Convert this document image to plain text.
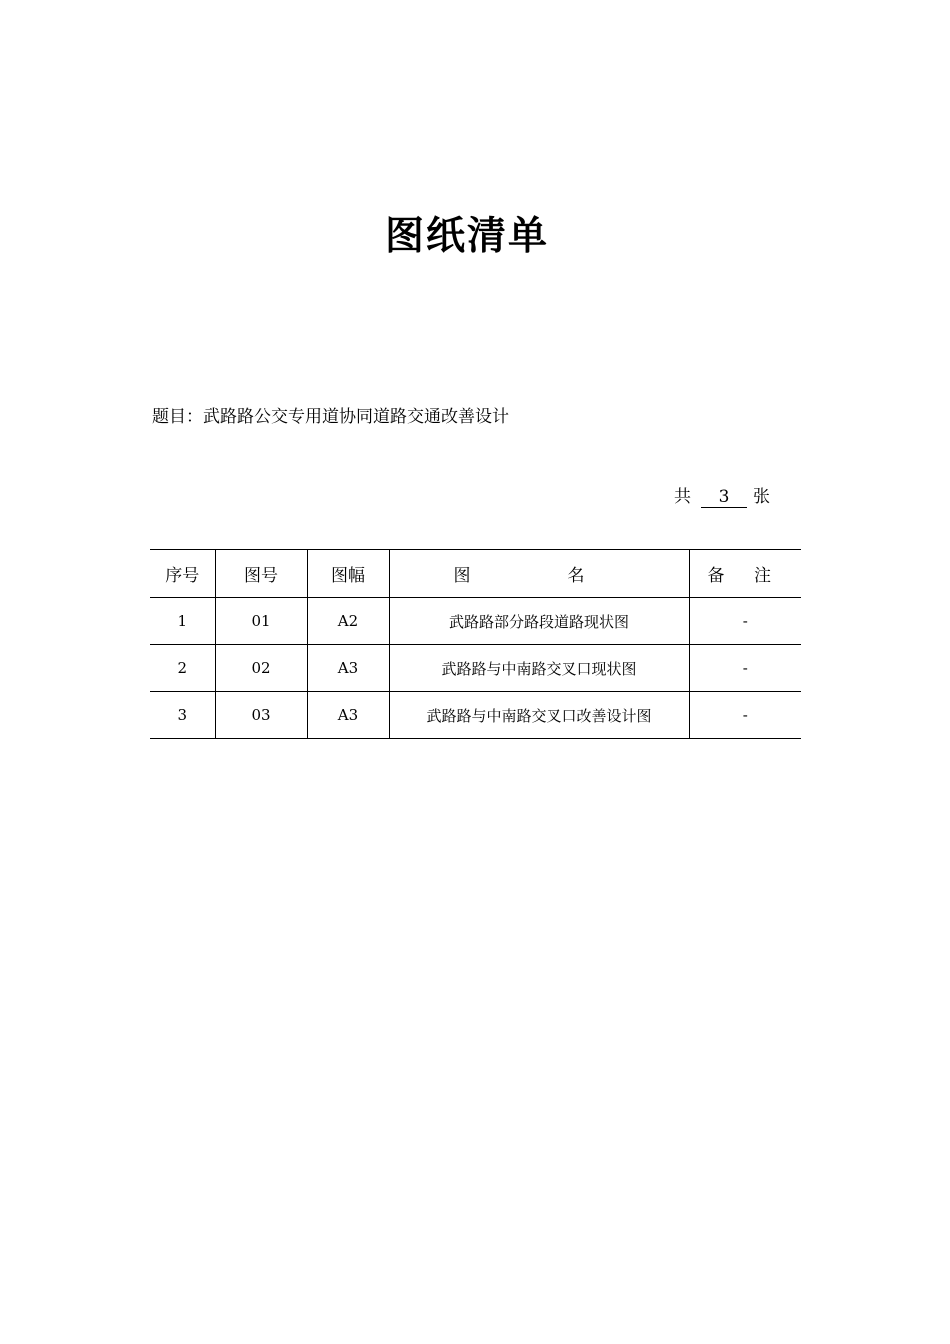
图纸清单
题目：武路路公交专用道协同道路交通改善设计
共 3 张
序号	图号	图幅	图　名	备 注
1	01	A2	武路路部分路段道路现状图	-
2	02	A3	武路路与中南路交叉口现状图	-
3	03	A3	武路路与中南路交叉口改善设计图	-
